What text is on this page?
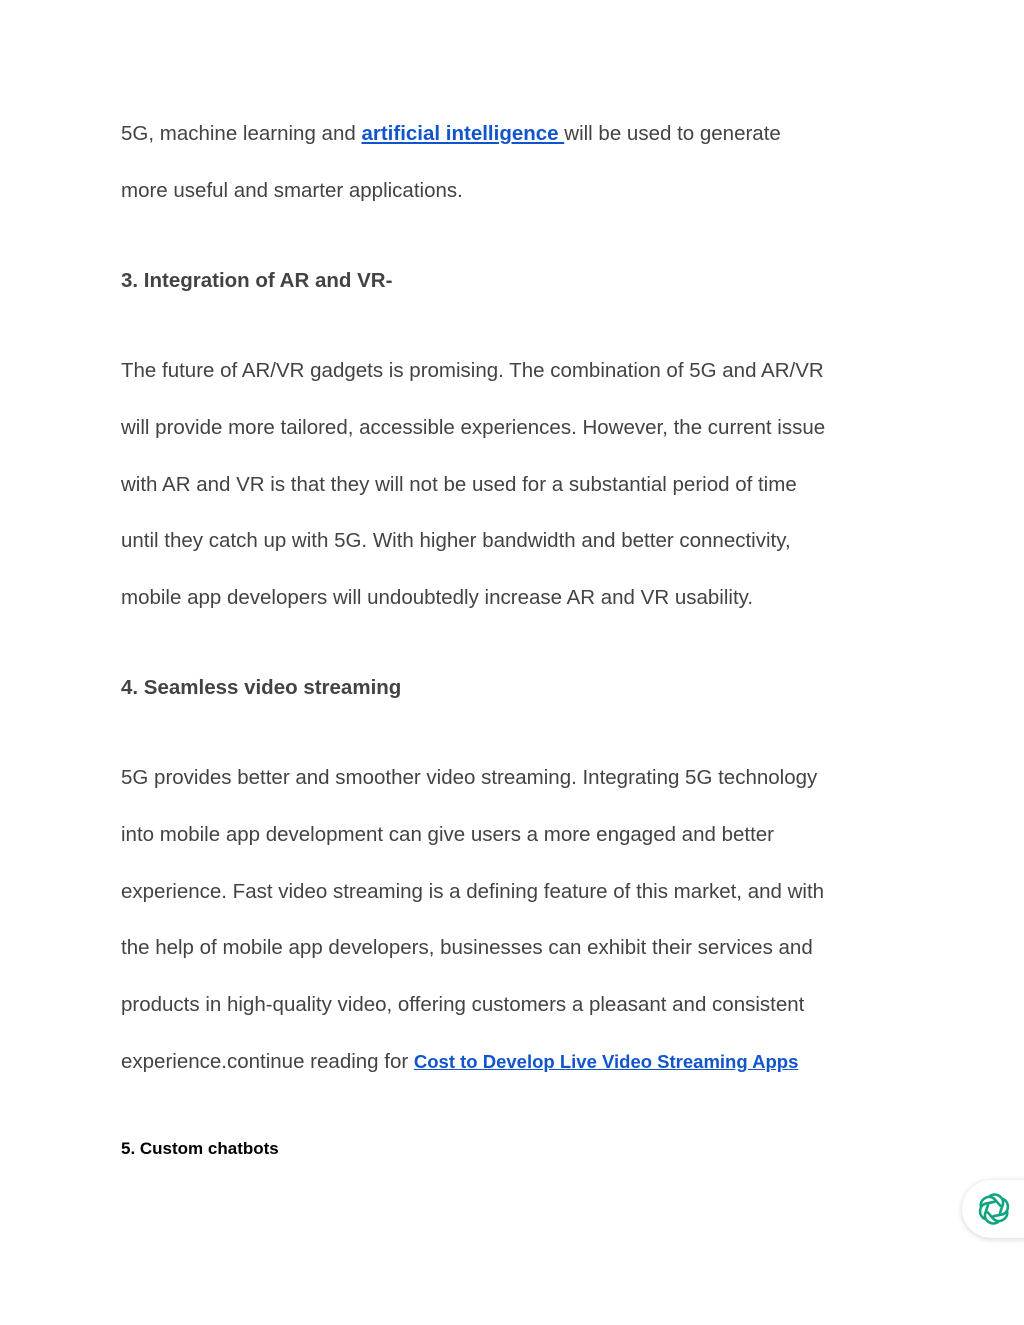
5G, machine learning and artificial intelligence will be used to generate
more useful and smarter applications.
3. Integration of AR and VR-
The future of AR/VR gadgets is promising. The combination of 5G and AR/VR
will provide more tailored, accessible experiences. However, the current issue
with AR and VR is that they will not be used for a substantial period of time
until they catch up with 5G. With higher bandwidth and better connectivity,
mobile app developers will undoubtedly increase AR and VR usability.
4. Seamless video streaming
5G provides better and smoother video streaming. Integrating 5G technology
into mobile app development can give users a more engaged and better
experience. Fast video streaming is a defining feature of this market, and with
the help of mobile app developers, businesses can exhibit their services and
products in high-quality video, offering customers a pleasant and consistent
experience.continue reading for Cost to Develop Live Video Streaming Apps
5. Custom chatbots
